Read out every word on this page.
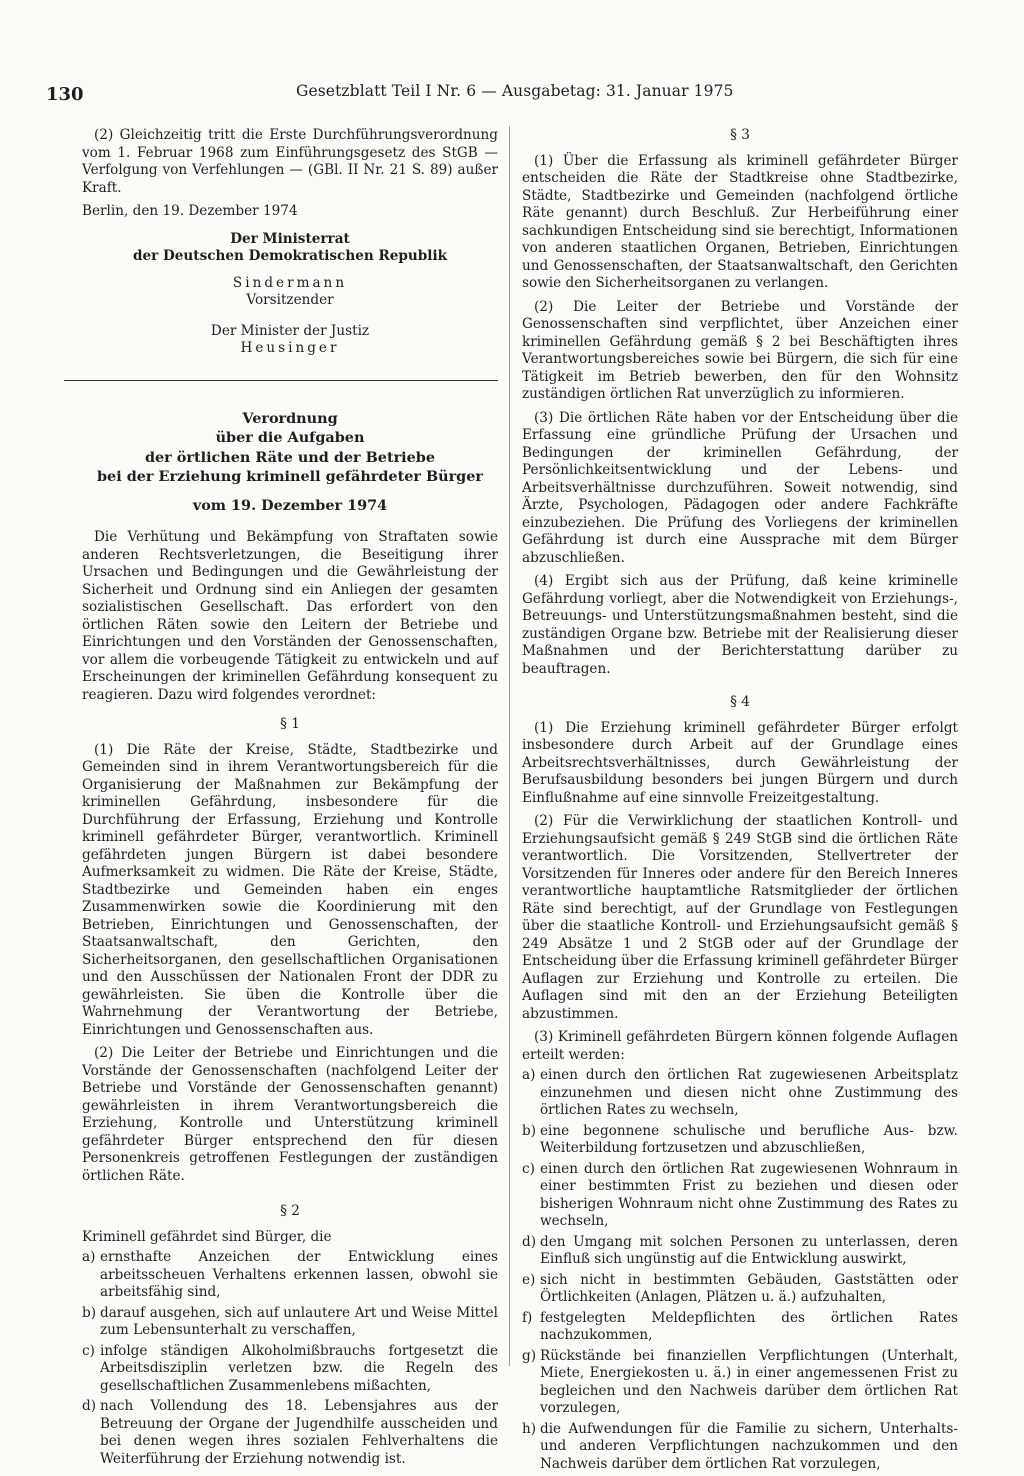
130	Gesetzblatt Teil I Nr. 6 — Ausgabetag: 31. Januar 1975

(2) Gleichzeitig tritt die Erste Durchführungsverordnung vom 1. Februar 1968 zum Einführungsgesetz des StGB — Verfolgung von Verfehlungen — (GBl. II Nr. 21 S. 89) außer Kraft.

Berlin, den 19. Dezember 1974

Der Ministerrat
der Deutschen Demokratischen Republik
Sindermann
Vorsitzender
Der Minister der Justiz
Heusinger
Verordnung
über die Aufgaben
der örtlichen Räte und der Betriebe
bei der Erziehung kriminell gefährdeter Bürger
vom 19. Dezember 1974

Die Verhütung und Bekämpfung von Straftaten sowie anderen Rechtsverletzungen, die Beseitigung ihrer Ursachen und Bedingungen und die Gewährleistung der Sicherheit und Ordnung sind ein Anliegen der gesamten sozialistischen Gesellschaft. Das erfordert von den örtlichen Räten sowie den Leitern der Betriebe und Einrichtungen und den Vorständen der Genossenschaften, vor allem die vorbeugende Tätigkeit zu entwickeln und auf Erscheinungen der kriminellen Gefährdung konsequent zu reagieren. Dazu wird folgendes verordnet:

§ 1

(1) Die Räte der Kreise, Städte, Stadtbezirke und Gemeinden sind in ihrem Verantwortungsbereich für die Organisierung der Maßnahmen zur Bekämpfung der kriminellen Gefährdung, insbesondere für die Durchführung der Erfassung, Erziehung und Kontrolle kriminell gefährdeter Bürger, verantwortlich. Kriminell gefährdeten jungen Bürgern ist dabei besondere Aufmerksamkeit zu widmen. Die Räte der Kreise, Städte, Stadtbezirke und Gemeinden haben ein enges Zusammenwirken sowie die Koordinierung mit den Betrieben, Einrichtungen und Genossenschaften, der Staatsanwaltschaft, den Gerichten, den Sicherheitsorganen, den gesellschaftlichen Organisationen und den Ausschüssen der Nationalen Front der DDR zu gewährleisten. Sie üben die Kontrolle über die Wahrnehmung der Verantwortung der Betriebe, Einrichtungen und Genossenschaften aus.

(2) Die Leiter der Betriebe und Einrichtungen und die Vorstände der Genossenschaften (nachfolgend Leiter der Betriebe und Vorstände der Genossenschaften genannt) gewährleisten in ihrem Verantwortungsbereich die Erziehung, Kontrolle und Unterstützung kriminell gefährdeter Bürger entsprechend den für diesen Personenkreis getroffenen Festlegungen der zuständigen örtlichen Räte.

§ 2

Kriminell gefährdet sind Bürger, die

a) ernsthafte Anzeichen der Entwicklung eines arbeitsscheuen Verhaltens erkennen lassen, obwohl sie arbeitsfähig sind,
b) darauf ausgehen, sich auf unlautere Art und Weise Mittel zum Lebensunterhalt zu verschaffen,
c) infolge ständigen Alkoholmißbrauchs fortgesetzt die Arbeitsdisziplin verletzen bzw. die Regeln des gesellschaftlichen Zusammenlebens mißachten,
d) nach Vollendung des 18. Lebensjahres aus der Betreuung der Organe der Jugendhilfe ausscheiden und bei denen wegen ihres sozialen Fehlverhaltens die Weiterführung der Erziehung notwendig ist.
§ 3

(1) Über die Erfassung als kriminell gefährdeter Bürger entscheiden die Räte der Stadtkreise ohne Stadtbezirke, Städte, Stadtbezirke und Gemeinden (nachfolgend örtliche Räte genannt) durch Beschluß. Zur Herbeiführung einer sachkundigen Entscheidung sind sie berechtigt, Informationen von anderen staatlichen Organen, Betrieben, Einrichtungen und Genossenschaften, der Staatsanwaltschaft, den Gerichten sowie den Sicherheitsorganen zu verlangen.

(2) Die Leiter der Betriebe und Vorstände der Genossenschaften sind verpflichtet, über Anzeichen einer kriminellen Gefährdung gemäß § 2 bei Beschäftigten ihres Verantwortungsbereiches sowie bei Bürgern, die sich für eine Tätigkeit im Betrieb bewerben, den für den Wohnsitz zuständigen örtlichen Rat unverzüglich zu informieren.

(3) Die örtlichen Räte haben vor der Entscheidung über die Erfassung eine gründliche Prüfung der Ursachen und Bedingungen der kriminellen Gefährdung, der Persönlichkeitsentwicklung und der Lebens- und Arbeitsverhältnisse durchzuführen. Soweit notwendig, sind Ärzte, Psychologen, Pädagogen oder andere Fachkräfte einzubeziehen. Die Prüfung des Vorliegens der kriminellen Gefährdung ist durch eine Aussprache mit dem Bürger abzuschließen.

(4) Ergibt sich aus der Prüfung, daß keine kriminelle Gefährdung vorliegt, aber die Notwendigkeit von Erziehungs-, Betreuungs- und Unterstützungsmaßnahmen besteht, sind die zuständigen Organe bzw. Betriebe mit der Realisierung dieser Maßnahmen und der Berichterstattung darüber zu beauftragen.

§ 4

(1) Die Erziehung kriminell gefährdeter Bürger erfolgt insbesondere durch Arbeit auf der Grundlage eines Arbeitsrechtsverhältnisses, durch Gewährleistung der Berufsausbildung besonders bei jungen Bürgern und durch Einflußnahme auf eine sinnvolle Freizeitgestaltung.

(2) Für die Verwirklichung der staatlichen Kontroll- und Erziehungsaufsicht gemäß § 249 StGB sind die örtlichen Räte verantwortlich. Die Vorsitzenden, Stellvertreter der Vorsitzenden für Inneres oder andere für den Bereich Inneres verantwortliche hauptamtliche Ratsmitglieder der örtlichen Räte sind berechtigt, auf der Grundlage von Festlegungen über die staatliche Kontroll- und Erziehungsaufsicht gemäß § 249 Absätze 1 und 2 StGB oder auf der Grundlage der Entscheidung über die Erfassung kriminell gefährdeter Bürger Auflagen zur Erziehung und Kontrolle zu erteilen. Die Auflagen sind mit den an der Erziehung Beteiligten abzustimmen.

(3) Kriminell gefährdeten Bürgern können folgende Auflagen erteilt werden:

a) einen durch den örtlichen Rat zugewiesenen Arbeitsplatz einzunehmen und diesen nicht ohne Zustimmung des örtlichen Rates zu wechseln,
b) eine begonnene schulische und berufliche Aus- bzw. Weiterbildung fortzusetzen und abzuschließen,
c) einen durch den örtlichen Rat zugewiesenen Wohnraum in einer bestimmten Frist zu beziehen und diesen oder bisherigen Wohnraum nicht ohne Zustimmung des Rates zu wechseln,
d) den Umgang mit solchen Personen zu unterlassen, deren Einfluß sich ungünstig auf die Entwicklung auswirkt,
e) sich nicht in bestimmten Gebäuden, Gaststätten oder Örtlichkeiten (Anlagen, Plätzen u. ä.) aufzuhalten,
f) festgelegten Meldepflichten des örtlichen Rates nachzukommen,
g) Rückstände bei finanziellen Verpflichtungen (Unterhalt, Miete, Energiekosten u. ä.) in einer angemessenen Frist zu begleichen und den Nachweis darüber dem örtlichen Rat vorzulegen,
h) die Aufwendungen für die Familie zu sichern, Unterhalts- und anderen Verpflichtungen nachzukommen und den Nachweis darüber dem örtlichen Rat vorzulegen,
